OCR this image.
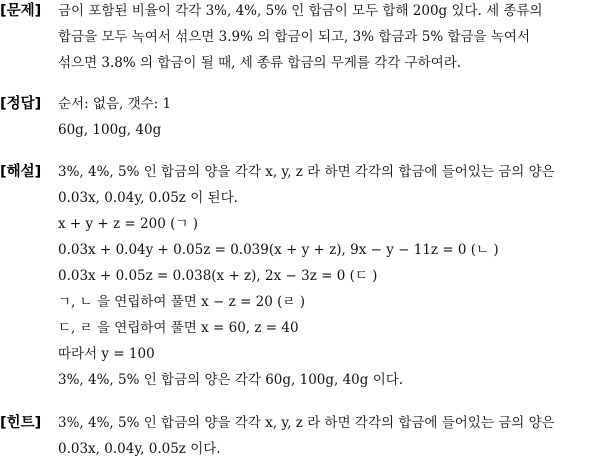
[문제] 금이 포함된 비율이 각각 3%, 4%, 5% 인 합금이 모두 합해 200g 있다. 세 종류의
합금을 모두 녹여서 섞으면 3.9% 의 합금이 되고, 3% 합금과 5% 합금을 녹여서
섞으면 3.8% 의 합금이 될 때, 세 종류 합금의 무게를 각각 구하여라.
[정답] 순서: 없음, 갯수: 1
60g, 100g, 40g
[해설] 3%, 4%, 5% 인 합금의 양을 각각 x, y, z 라 하면 각각의 합금에 들어있는 금의 양은
0.03x, 0.04y, 0.05z 이 된다.
x + y + z = 200 (ㄱ )
0.03x + 0.04y + 0.05z = 0.039(x + y + z), 9x − y − 11z = 0 (ㄴ )
0.03x + 0.05z = 0.038(x + z), 2x − 3z = 0 (ㄷ )
ㄱ, ㄴ 을 연립하여 풀면 x − z = 20 (ㄹ )
ㄷ, ㄹ 을 연립하여 풀면 x = 60, z = 40
따라서 y = 100
3%, 4%, 5% 인 합금의 양은 각각 60g, 100g, 40g 이다.
[힌트] 3%, 4%, 5% 인 합금의 양을 각각 x, y, z 라 하면 각각의 합금에 들어있는 금의 양은
0.03x, 0.04y, 0.05z 이다.
